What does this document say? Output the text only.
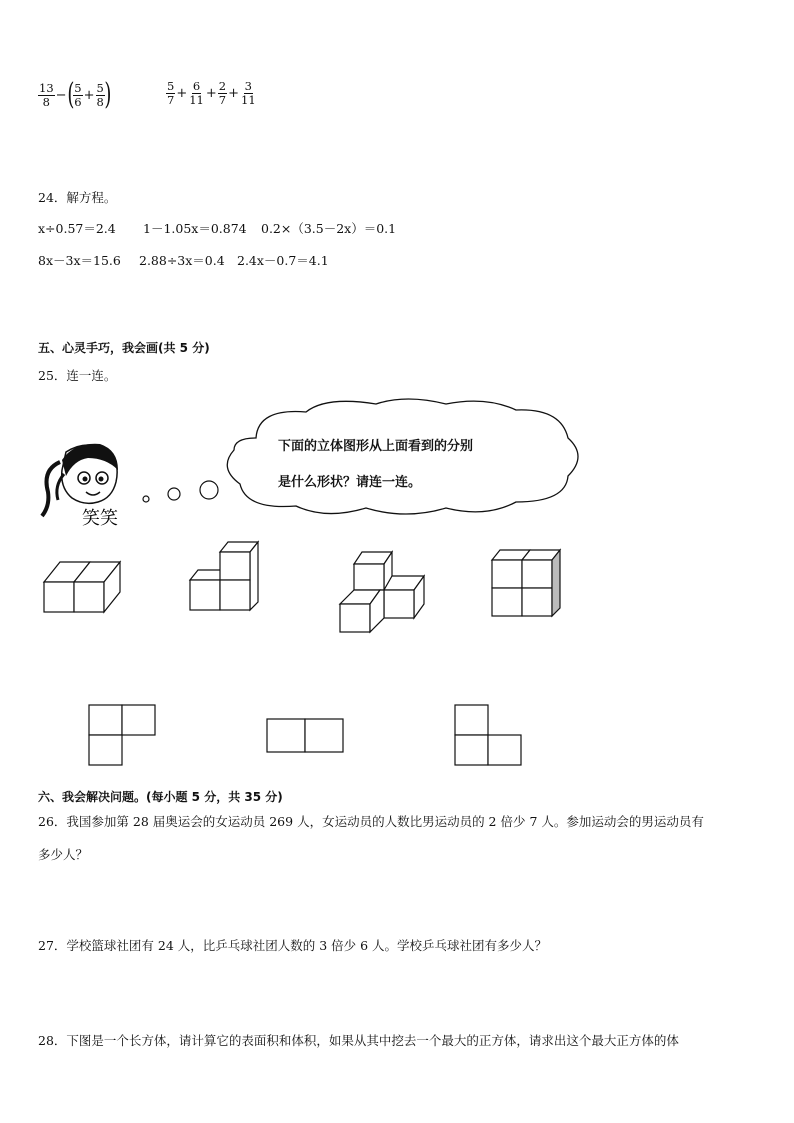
$\frac{13}{8}$ −( $\frac{5}{6} + \frac{5}{8}$ )	$\frac{5}{7} + \frac{6}{11} + \frac{2}{7} + \frac{3}{11}$
24．解方程。
x÷0.57＝2.4 1－1.05x＝0.874 0.2×（3.5－2x）＝0.1
8x－3x＝15.6 2.88÷3x＝0.4 2.4x－0.7＝4.1
五、心灵手巧，我会画(共 5 分)
25．连一连。
笑笑
下面的立体图形从上面看到的分别
是什么形状？请连一连。
六、我会解决问题。(每小题 5 分，共 35 分)
26．我国参加第 28 届奥运会的女运动员 269 人，女运动员的人数比男运动员的 2 倍少 7 人。参加运动会的男运动员有
多少人？
27．学校篮球社团有 24 人，比乒乓球社团人数的 3 倍少 6 人。学校乒乓球社团有多少人？
28．下图是一个长方体，请计算它的表面积和体积，如果从其中挖去一个最大的正方体，请求出这个最大正方体的体
